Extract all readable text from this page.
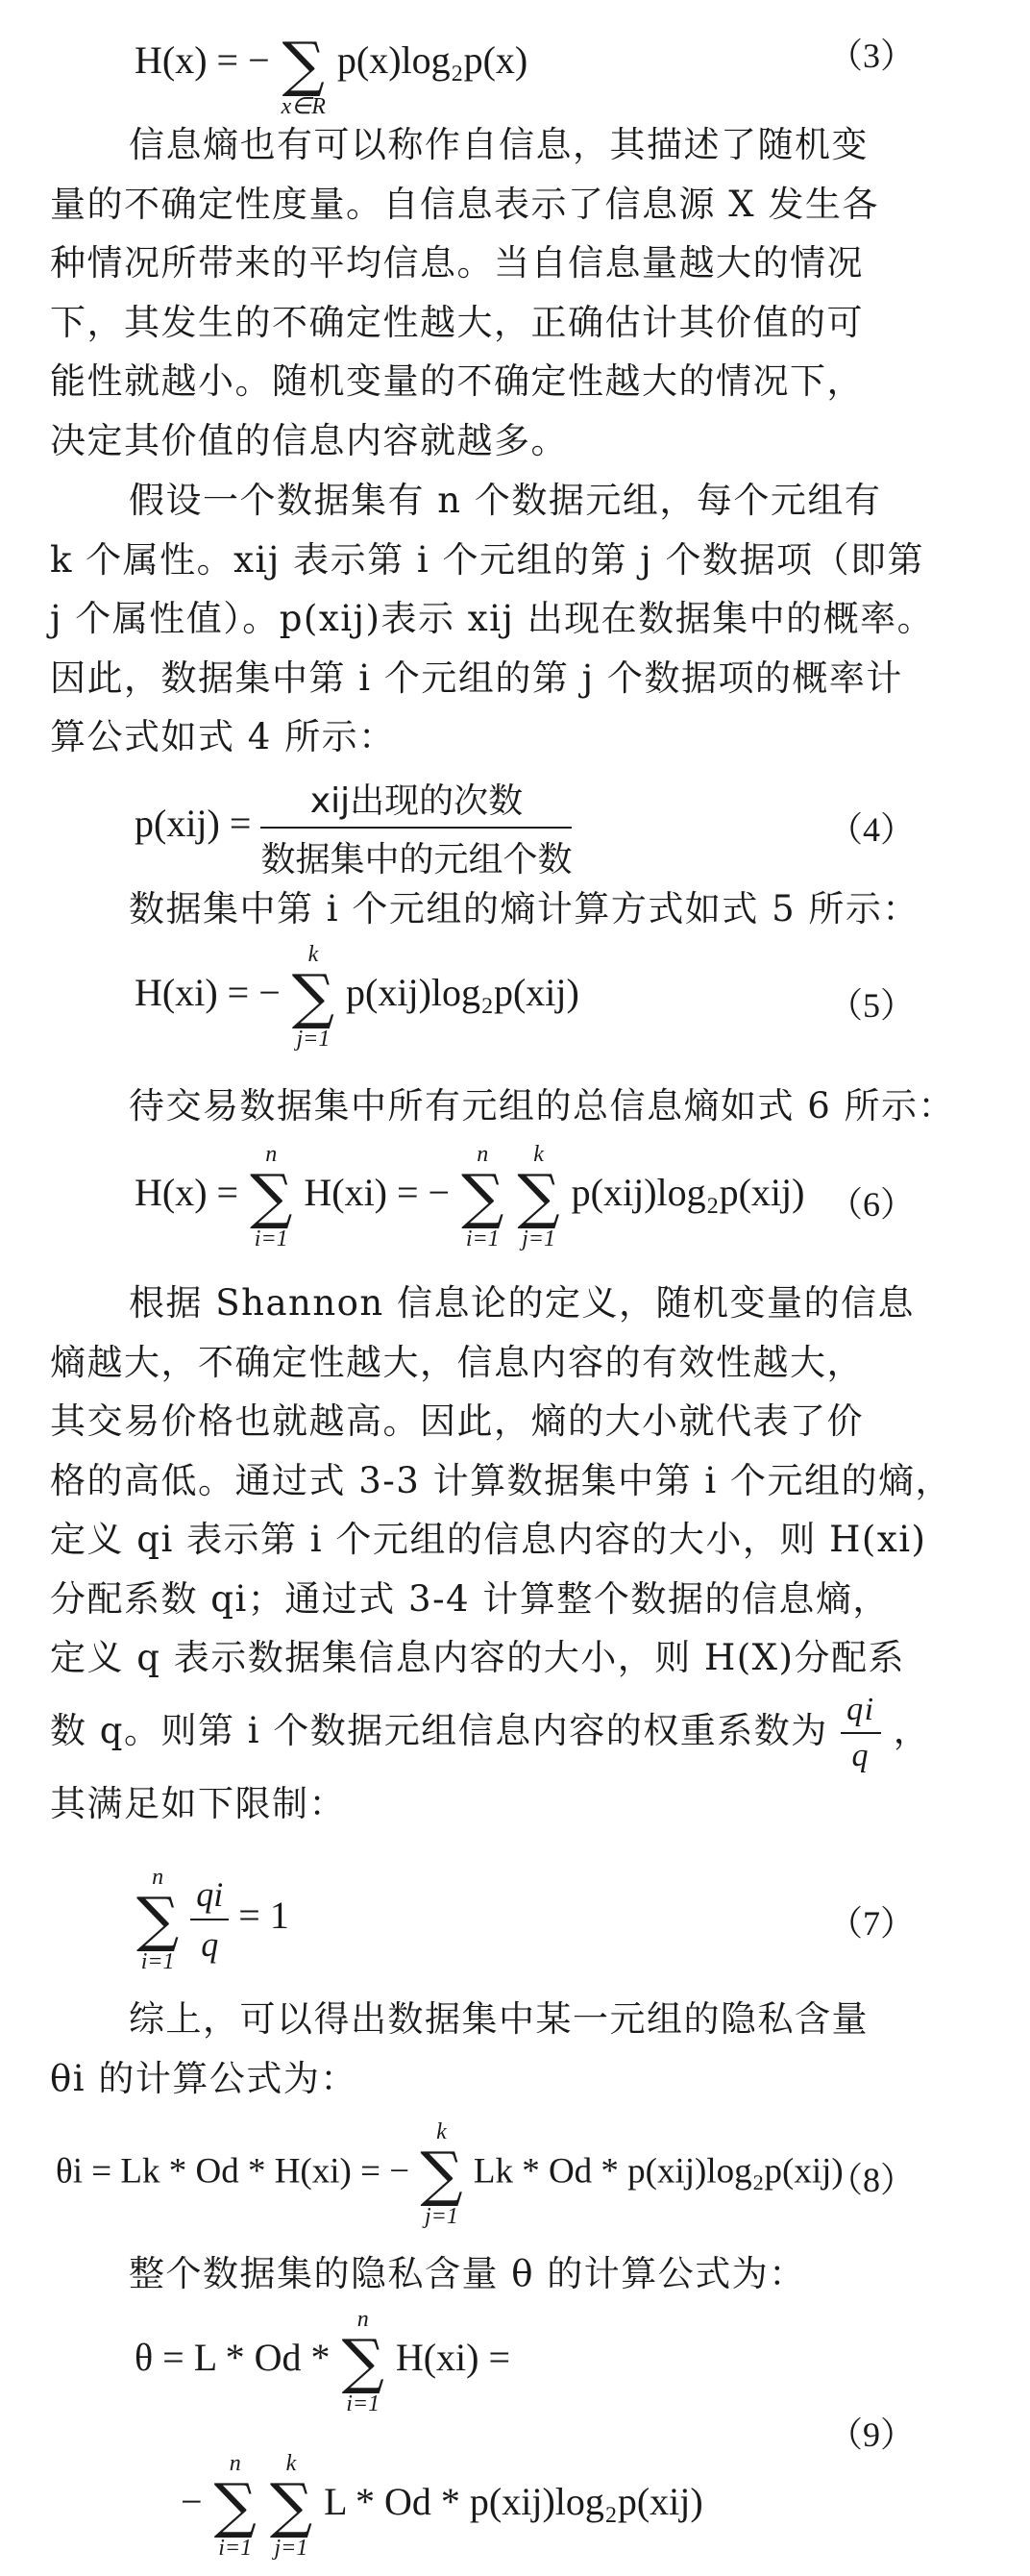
H(x) = −
∑
x∈R
p(x)log₂p(x)	（3）
信息熵也有可以称作自信息，其描述了随机变
量的不确定性度量。自信息表示了信息源 X 发生各
种情况所带来的平均信息。当自信息量越大的情况
下，其发生的不确定性越大，正确估计其价值的可
能性就越小。随机变量的不确定性越大的情况下，
决定其价值的信息内容就越多。
假设一个数据集有 n 个数据元组，每个元组有
k 个属性。xij 表示第 i 个元组的第 j 个数据项（即第
j 个属性值）。p(xij)表示 xij 出现在数据集中的概率。
因此，数据集中第 i 个元组的第 j 个数据项的概率计
算公式如式 4 所示：
$p(xij) = \frac{\text{xij出现的次数}}{\text{数据集中的元组个数}}$	（4）
数据集中第 i 个元组的熵计算方式如式 5 所示：
H(xi) = −
k
∑
j=1
p(xij)log₂p(xij)	（5）
待交易数据集中所有元组的总信息熵如式 6 所示：
H(x) =
n
∑
i=1
H(xi) = −
n
∑
i=1

k
∑
j=1
p(xij)log₂p(xij) （6）
根据 Shannon 信息论的定义，随机变量的信息
熵越大，不确定性越大，信息内容的有效性越大，
其交易价格也就越高。因此，熵的大小就代表了价
格的高低。通过式 3-3 计算数据集中第 i 个元组的熵，
定义 qi 表示第 i 个元组的信息内容的大小，则 H(xi)
分配系数 qi；通过式 3-4 计算整个数据的信息熵，
定义 q 表示数据集信息内容的大小，则 H(X)分配系
数 q。则第 i 个数据元组信息内容的权重系数为 $\frac{qi}{q}$ ，
其满足如下限制：
n
∑
i=1
$\frac{qi}{q} = 1$	（7）
综上，可以得出数据集中某一元组的隐私含量
θi 的计算公式为：
θi = Lk * Od * H(xi) = −
k
∑
j=1
Lk * Od * p(xij)log₂p(xij)
（8）
整个数据集的隐私含量 θ 的计算公式为：
θ = L * Od *
n
∑
i=1
H(xi) =
（9）
−
n
∑
i=1

k
∑
j=1
L * Od * p(xij)log₂p(xij)
